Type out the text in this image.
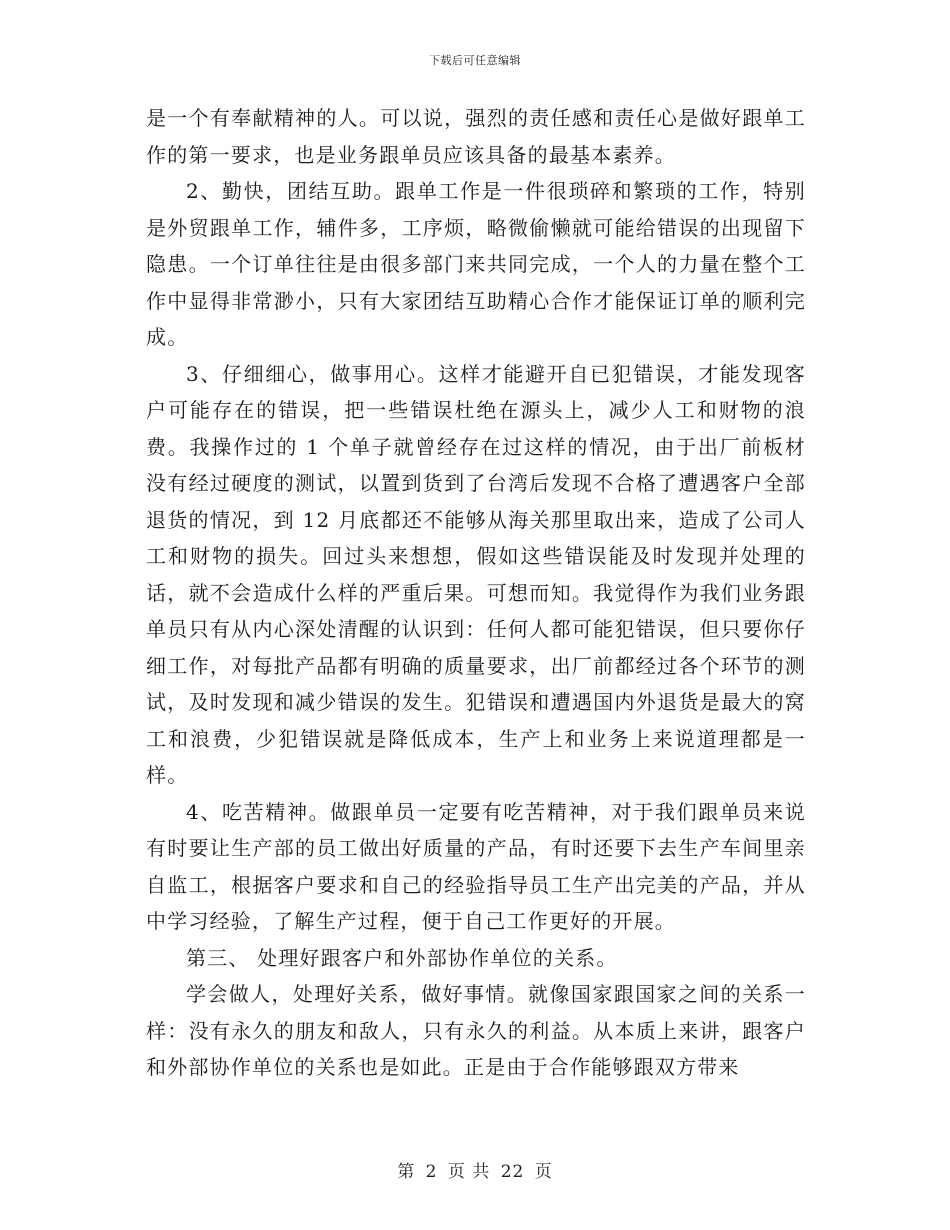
下载后可任意编辑

是一个有奉献精神的人。可以说，强烈的责任感和责任心是做好跟单工作的第一要求，也是业务跟单员应该具备的最基本素养。

2、勤快，团结互助。跟单工作是一件很琐碎和繁琐的工作，特别是外贸跟单工作，辅件多，工序烦，略微偷懒就可能给错误的出现留下隐患。一个订单往往是由很多部门来共同完成，一个人的力量在整个工作中显得非常渺小，只有大家团结互助精心合作才能保证订单的顺利完成。

3、仔细细心，做事用心。这样才能避开自已犯错误，才能发现客户可能存在的错误，把一些错误杜绝在源头上，减少人工和财物的浪费。我操作过的 1 个单子就曾经存在过这样的情况，由于出厂前板材没有经过硬度的测试，以置到货到了台湾后发现不合格了遭遇客户全部退货的情况，到 12 月底都还不能够从海关那里取出来，造成了公司人工和财物的损失。回过头来想想，假如这些错误能及时发现并处理的话，就不会造成什么样的严重后果。可想而知。我觉得作为我们业务跟单员只有从内心深处清醒的认识到：任何人都可能犯错误，但只要你仔细工作，对每批产品都有明确的质量要求，出厂前都经过各个环节的测试，及时发现和减少错误的发生。犯错误和遭遇国内外退货是最大的窝工和浪费，少犯错误就是降低成本，生产上和业务上来说道理都是一样。

4、吃苦精神。做跟单员一定要有吃苦精神，对于我们跟单员来说有时要让生产部的员工做出好质量的产品，有时还要下去生产车间里亲自监工，根据客户要求和自己的经验指导员工生产出完美的产品，并从中学习经验，了解生产过程，便于自己工作更好的开展。

第三、 处理好跟客户和外部协作单位的关系。

学会做人，处理好关系，做好事情。就像国家跟国家之间的关系一样：没有永久的朋友和敌人，只有永久的利益。从本质上来讲，跟客户和外部协作单位的关系也是如此。正是由于合作能够跟双方带来

第 2 页 共 22 页
